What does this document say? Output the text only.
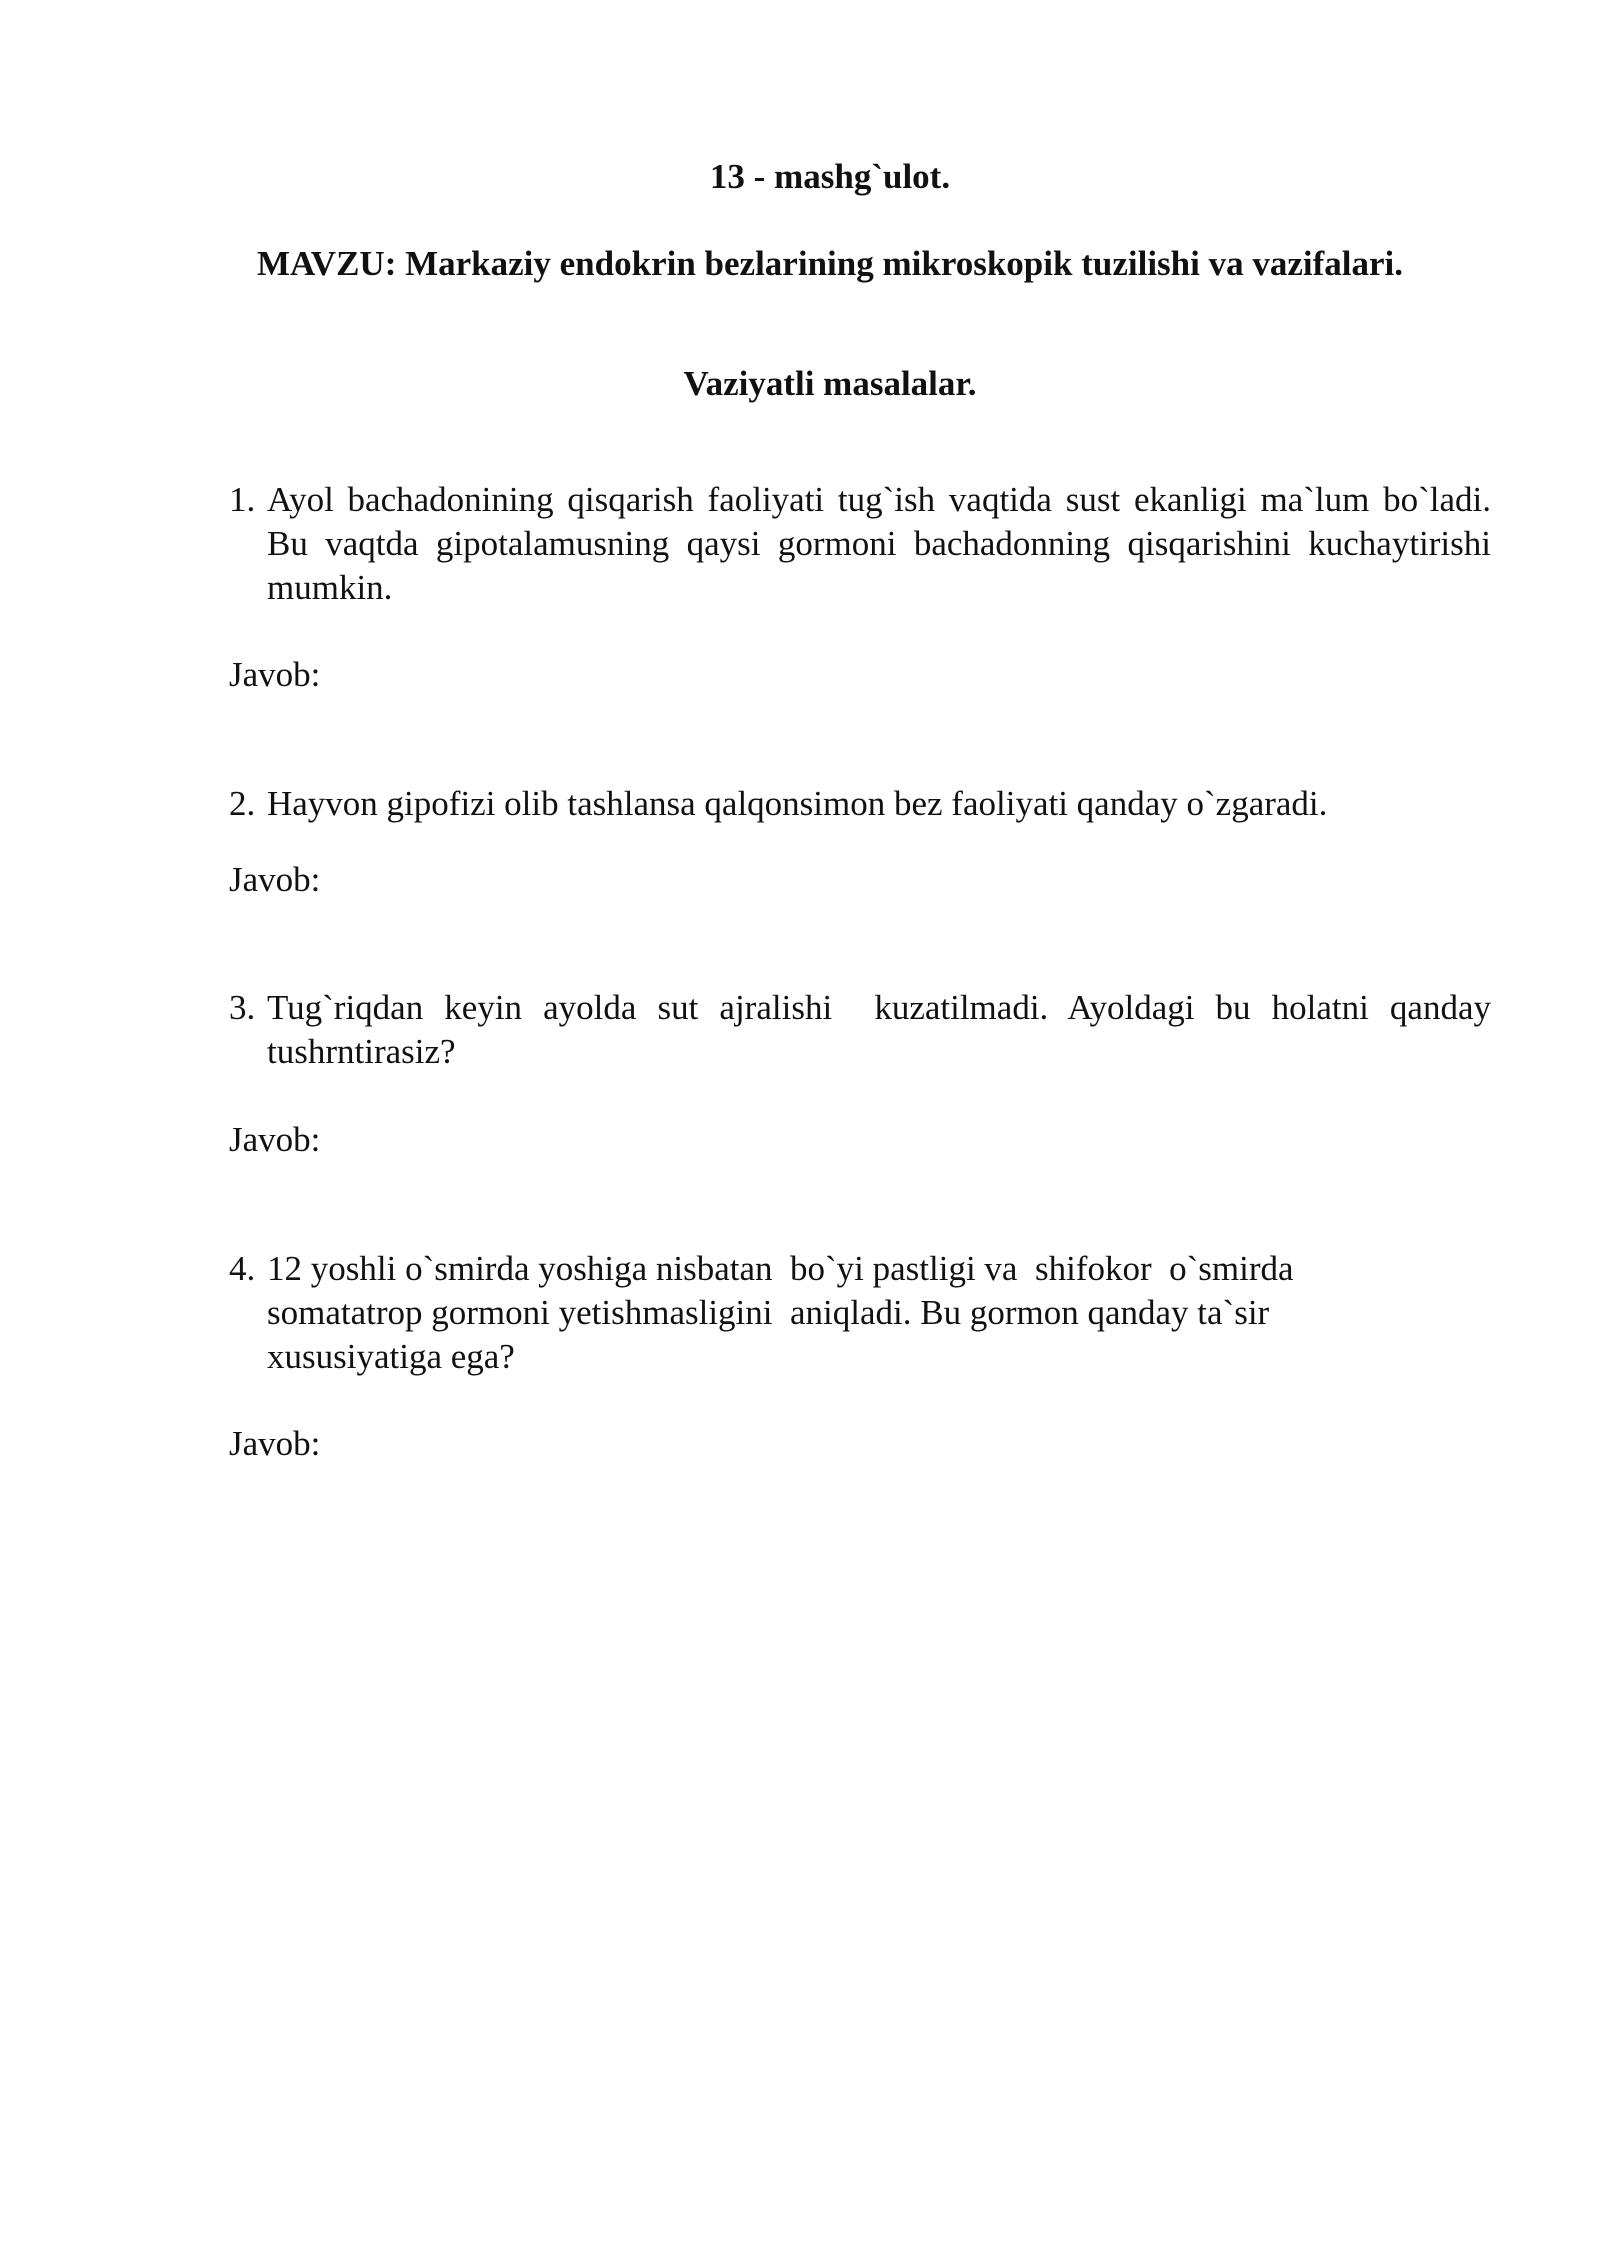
13 - mashg`ulot.
MAVZU: Markaziy endokrin bezlarining mikroskopik tuzilishi va vazifalari.
Vaziyatli masalalar.
1. Ayol bachadonining qisqarish faoliyati tug`ish vaqtida sust ekanligi ma`lum bo`ladi. Bu vaqtda gipotalamusning qaysi gormoni bachadonning qisqarishini kuchaytirishi mumkin.
Javob:
2. Hayvon gipofizi olib tashlansa qalqonsimon bez faoliyati qanday o`zgaradi.
Javob:
3. Tug`riqdan keyin ayolda sut ajralishi  kuzatilmadi. Ayoldagi bu holatni qanday tushrntirasiz?
Javob:
4. 12 yoshli o`smirda yoshiga nisbatan  bo`yi pastligi va  shifokor  o`smirda somatatrop gormoni yetishmasligini  aniqladi. Bu gormon qanday ta`sir xususiyatiga ega?
Javob:
